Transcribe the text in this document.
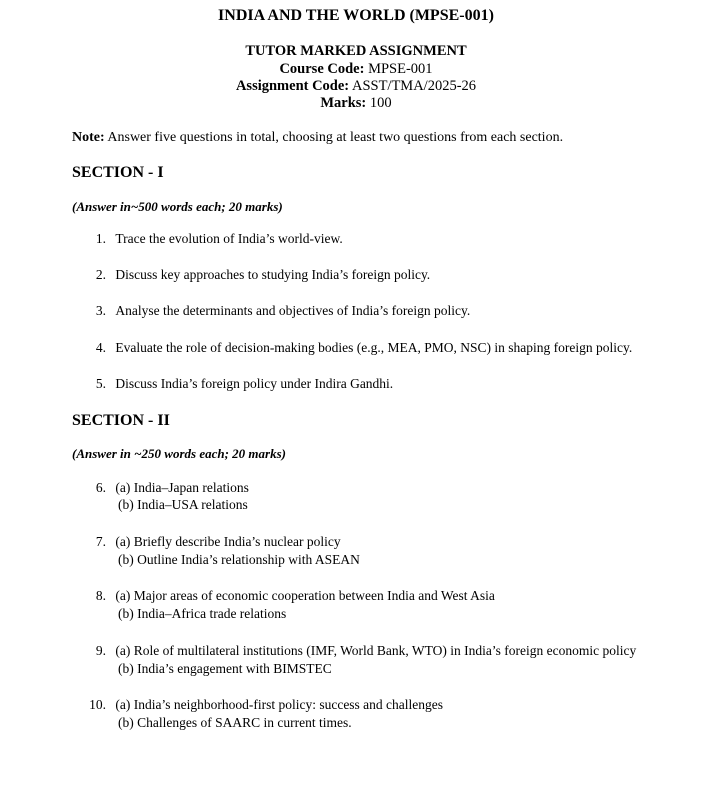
INDIA AND THE WORLD (MPSE-001)
TUTOR MARKED ASSIGNMENT
Course Code: MPSE-001
Assignment Code: ASST/TMA/2025-26
Marks: 100
Note: Answer five questions in total, choosing at least two questions from each section.
SECTION - I
(Answer in~500 words each; 20 marks)
1. Trace the evolution of India’s world-view.
2. Discuss key approaches to studying India’s foreign policy.
3. Analyse the determinants and objectives of India’s foreign policy.
4. Evaluate the role of decision-making bodies (e.g., MEA, PMO, NSC) in shaping foreign policy.
5. Discuss India’s foreign policy under Indira Gandhi.
SECTION - II
(Answer in ~250 words each; 20 marks)
6. (a) India–Japan relations
(b) India–USA relations
7. (a) Briefly describe India’s nuclear policy
(b) Outline India’s relationship with ASEAN
8. (a) Major areas of economic cooperation between India and West Asia
(b) India–Africa trade relations
9. (a) Role of multilateral institutions (IMF, World Bank, WTO) in India’s foreign economic policy
(b) India’s engagement with BIMSTEC
10. (a) India’s neighborhood-first policy: success and challenges
(b) Challenges of SAARC in current times.
